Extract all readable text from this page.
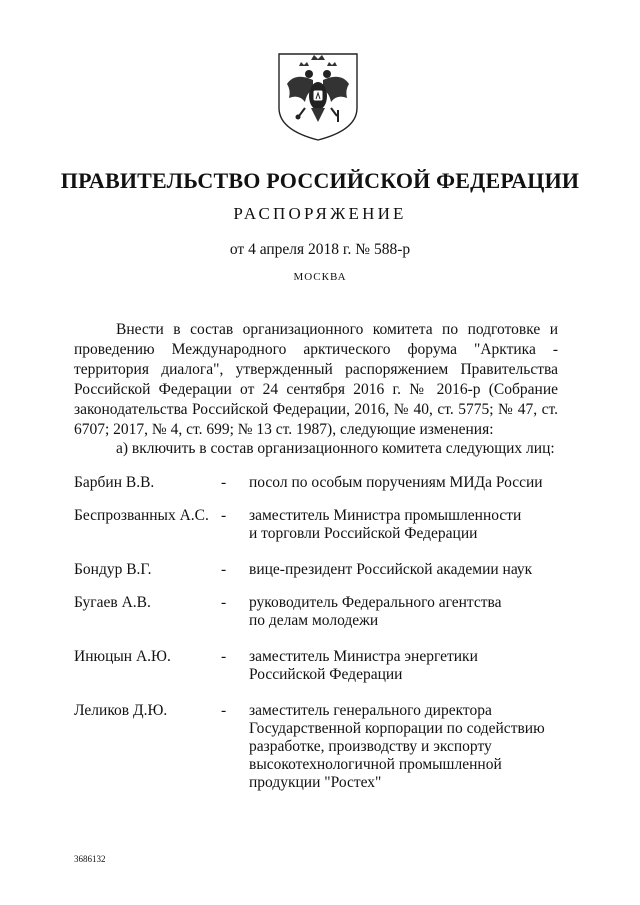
ПРАВИТЕЛЬСТВО РОССИЙСКОЙ ФЕДЕРАЦИИ
РАСПОРЯЖЕНИЕ
от 4 апреля 2018 г. № 588-р
МОСКВА

Внести в состав организационного комитета по подготовке и проведению Международного арктического форума "Арктика - территория диалога", утвержденный распоряжением Правительства Российской Федерации от 24 сентября 2016 г. № 2016-р (Собрание законодательства Российской Федерации, 2016, № 40, ст. 5775; № 47, ст. 6707; 2017, № 4, ст. 699; № 13 ст. 1987), следующие изменения:

а) включить в состав организационного комитета следующих лиц:

Барбин В.В.	- посол по особым поручениям МИДа России
Беспрозванных А.С. - заместитель Министра промышленности
и торговли Российской Федерации
Бондур В.Г.	- вице-президент Российской академии наук
Бугаев А.В.	- руководитель Федерального агентства
по делам молодежи
Инюцын А.Ю.	- заместитель Министра энергетики
Российской Федерации
Леликов Д.Ю.	- заместитель генерального директора
Государственной корпорации по содействию
разработке, производству и экспорту
высокотехнологичной промышленной
продукции "Ростех"
3686132
